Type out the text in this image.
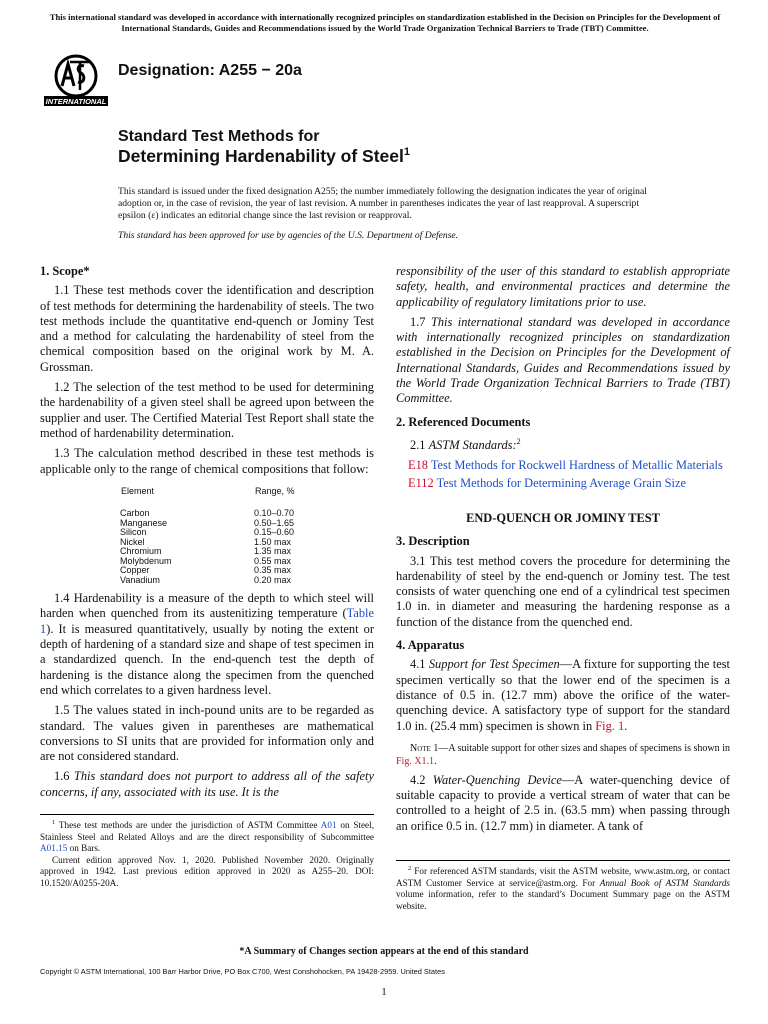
This international standard was developed in accordance with internationally recognized principles on standardization established in the Decision on Principles for the Development of International Standards, Guides and Recommendations issued by the World Trade Organization Technical Barriers to Trade (TBT) Committee.
INTERNATIONAL
Designation: A255 − 20a
Standard Test Methods for
Determining Hardenability of Steel$^1$
This standard is issued under the fixed designation A255; the number immediately following the designation indicates the year of original adoption or, in the case of revision, the year of last revision. A number in parentheses indicates the year of last reapproval. A superscript epsilon (ε) indicates an editorial change since the last revision or reapproval.
This standard has been approved for use by agencies of the U.S. Department of Defense.
1. Scope*

1.1 These test methods cover the identification and description of test methods for determining the hardenability of steels. The two test methods include the quantitative end-quench or Jominy Test and a method for calculating the hardenability of steel from the chemical composition based on the original work by M. A. Grossman.

1.2 The selection of the test method to be used for determining the hardenability of a given steel shall be agreed upon between the supplier and user. The Certified Material Test Report shall state the method of hardenability determination.

1.3 The calculation method described in these test methods is applicable only to the range of chemical compositions that follow:

Element	Range, %
Carbon	0.10–0.70
Manganese	0.50–1.65
Silicon	0.15–0.60
Nickel	1.50 max
Chromium	1.35 max
Molybdenum	0.55 max
Copper	0.35 max
Vanadium	0.20 max

1.4 Hardenability is a measure of the depth to which steel will harden when quenched from its austenitizing temperature (Table 1). It is measured quantitatively, usually by noting the extent or depth of hardening of a standard size and shape of test specimen in a standardized quench. In the end-quench test the depth of hardening is the distance along the specimen from the quenched end which correlates to a given hardness level.

1.5 The values stated in inch-pound units are to be regarded as standard. The values given in parentheses are mathematical conversions to SI units that are provided for information only and are not considered standard.

1.6 This standard does not purport to address all of the safety concerns, if any, associated with its use. It is the

responsibility of the user of this standard to establish appropriate safety, health, and environmental practices and determine the applicability of regulatory limitations prior to use.

1.7 This international standard was developed in accordance with internationally recognized principles on standardization established in the Decision on Principles for the Development of International Standards, Guides and Recommendations issued by the World Trade Organization Technical Barriers to Trade (TBT) Committee.

2. Referenced Documents

2.1 ASTM Standards:$^2$

E18 Test Methods for Rockwell Hardness of Metallic Materials

E112 Test Methods for Determining Average Grain Size

END-QUENCH OR JOMINY TEST
3. Description

3.1 This test method covers the procedure for determining the hardenability of steel by the end-quench or Jominy test. The test consists of water quenching one end of a cylindrical test specimen 1.0 in. in diameter and measuring the hardening response as a function of the distance from the quenched end.

4. Apparatus

4.1 Support for Test Specimen—A fixture for supporting the test specimen vertically so that the lower end of the specimen is a distance of 0.5 in. (12.7 mm) above the orifice of the water-quenching device. A satisfactory type of support for the standard 1.0 in. (25.4 mm) specimen is shown in Fig. 1.

Note 1—A suitable support for other sizes and shapes of specimens is shown in Fig. X1.1.

4.2 Water-Quenching Device—A water-quenching device of suitable capacity to provide a vertical stream of water that can be controlled to a height of 2.5 in. (63.5 mm) when passing through an orifice 0.5 in. (12.7 mm) in diameter. A tank of

$^1$ These test methods are under the jurisdiction of ASTM Committee A01 on Steel, Stainless Steel and Related Alloys and are the direct responsibility of Subcommittee A01.15 on Bars.

Current edition approved Nov. 1, 2020. Published November 2020. Originally approved in 1942. Last previous edition approved in 2020 as A255–20. DOI: 10.1520/A0255-20A.

$^2$ For referenced ASTM standards, visit the ASTM website, www.astm.org, or contact ASTM Customer Service at service@astm.org. For Annual Book of ASTM Standards volume information, refer to the standard’s Document Summary page on the ASTM website.

*A Summary of Changes section appears at the end of this standard
Copyright © ASTM International, 100 Barr Harbor Drive, PO Box C700, West Conshohocken, PA 19428-2959. United States
1
